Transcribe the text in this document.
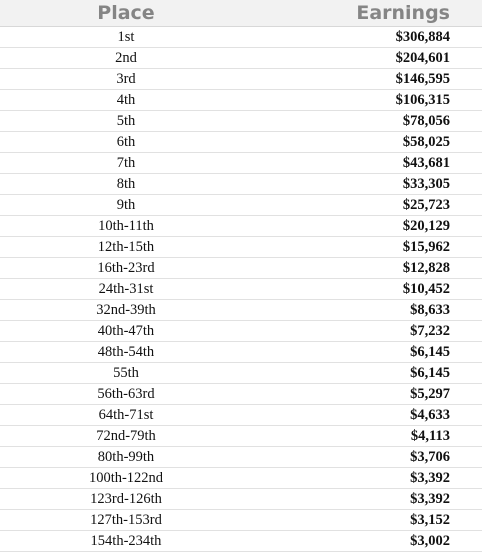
Place	Earnings
1st	$306,884
2nd	$204,601
3rd	$146,595
4th	$106,315
5th	$78,056
6th	$58,025
7th	$43,681
8th	$33,305
9th	$25,723
10th-11th	$20,129
12th-15th	$15,962
16th-23rd	$12,828
24th-31st	$10,452
32nd-39th	$8,633
40th-47th	$7,232
48th-54th	$6,145
55th	$6,145
56th-63rd	$5,297
64th-71st	$4,633
72nd-79th	$4,113
80th-99th	$3,706
100th-122nd	$3,392
123rd-126th	$3,392
127th-153rd	$3,152
154th-234th	$3,002
